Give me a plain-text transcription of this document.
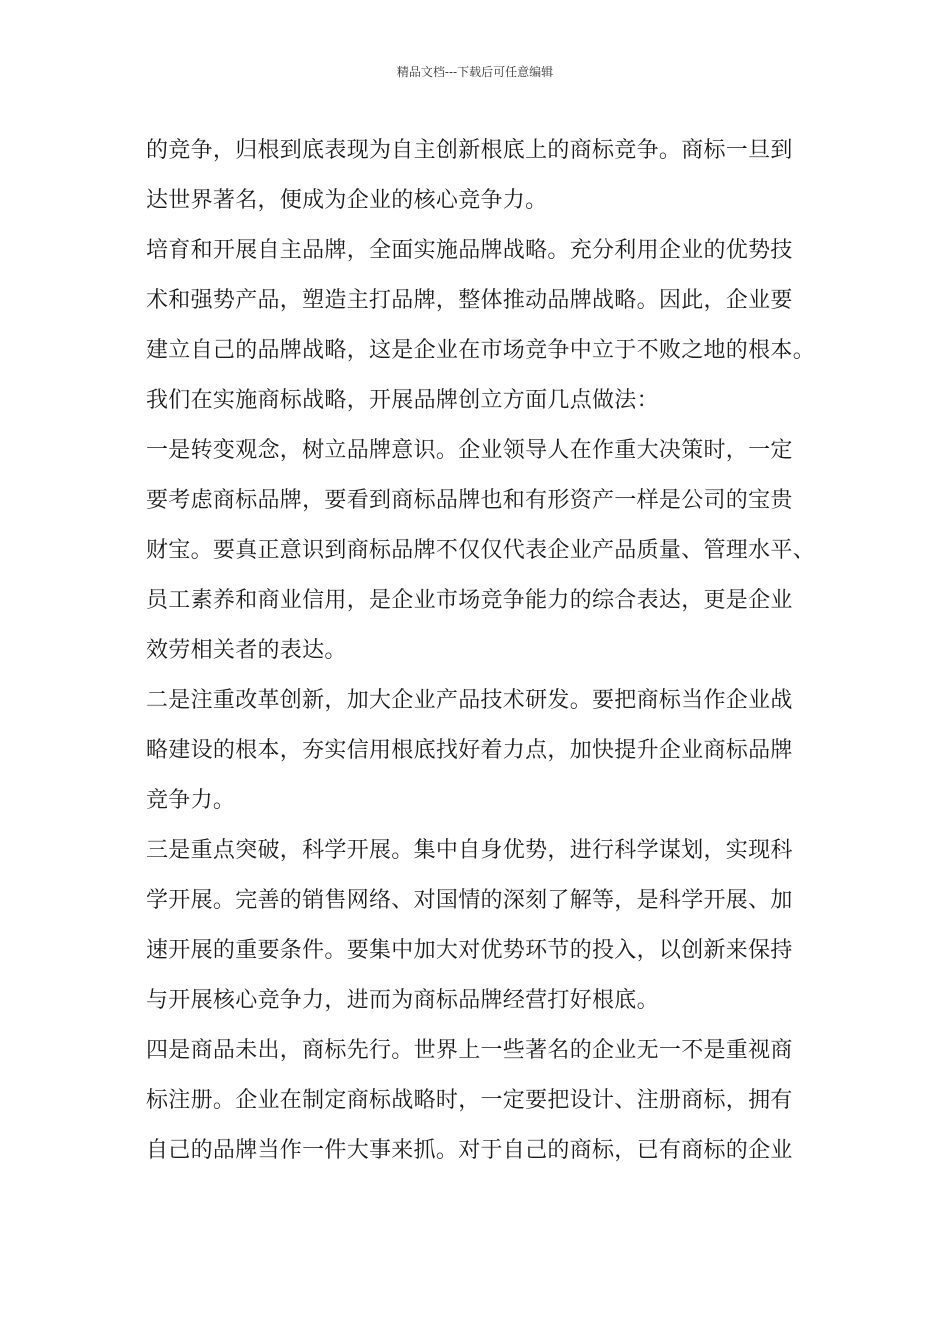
精品文档---下载后可任意编辑
的竞争，归根到底表现为自主创新根底上的商标竞争。商标一旦到
达世界著名，便成为企业的核心竞争力。
培育和开展自主品牌，全面实施品牌战略。充分利用企业的优势技
术和强势产品，塑造主打品牌，整体推动品牌战略。因此，企业要
建立自己的品牌战略，这是企业在市场竞争中立于不败之地的根本。
我们在实施商标战略，开展品牌创立方面几点做法：
一是转变观念，树立品牌意识。企业领导人在作重大决策时，一定
要考虑商标品牌，要看到商标品牌也和有形资产一样是公司的宝贵
财宝。要真正意识到商标品牌不仅仅代表企业产品质量、管理水平、
员工素养和商业信用，是企业市场竞争能力的综合表达，更是企业
效劳相关者的表达。
二是注重改革创新，加大企业产品技术研发。要把商标当作企业战
略建设的根本，夯实信用根底找好着力点，加快提升企业商标品牌
竞争力。
三是重点突破，科学开展。集中自身优势，进行科学谋划，实现科
学开展。完善的销售网络、对国情的深刻了解等，是科学开展、加
速开展的重要条件。要集中加大对优势环节的投入，以创新来保持
与开展核心竞争力，进而为商标品牌经营打好根底。
四是商品未出，商标先行。世界上一些著名的企业无一不是重视商
标注册。企业在制定商标战略时，一定要把设计、注册商标，拥有
自己的品牌当作一件大事来抓。对于自己的商标，已有商标的企业
